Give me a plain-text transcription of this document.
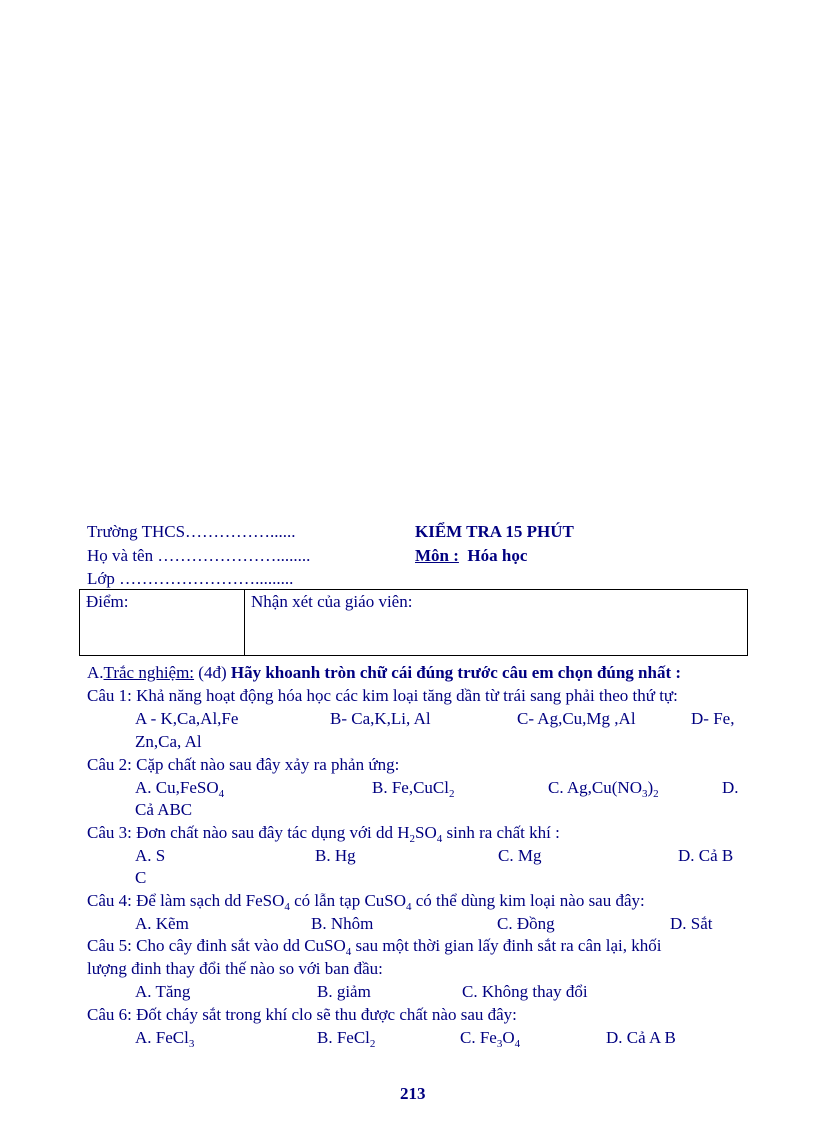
Trường THCS……………......
Họ và tên …………………........
Lớp …………………….........
KIỂM TRA 15 PHÚT
Môn : Hóa học
Điểm:	Nhận xét của giáo viên:
A.Trắc nghiệm: (4đ) Hãy khoanh tròn chữ cái đúng trước câu em chọn đúng nhất :
Câu 1: Khả năng hoạt động hóa học các kim loại tăng dần từ trái sang phải theo thứ tự:
A - K,Ca,Al,Fe	B- Ca,K,Li, Al	C- Ag,Cu,Mg ,Al	D- Fe,
Zn,Ca, Al
Câu 2: Cặp chất nào sau đây xảy ra phản ứng:
A. Cu,FeSO$_4$	B. Fe,CuCl$_2$	C. $Ag,Cu(NO_3)_2$	D.
Cả ABC
Câu 3: Đơn chất nào sau đây tác dụng với dd $H_2SO_4$ sinh ra chất khí :
A. S	B. Hg	C. Mg	D. Cả B
C
Câu 4: Để làm sạch dd FeSO$_4$ có lẫn tạp CuSO$_4$ có thể dùng kim loại nào sau đây:
A. Kẽm	B. Nhôm	C. Đồng	D. Sắt
Câu 5: Cho cây đinh sắt vào dd CuSO$_4$ sau một thời gian lấy đinh sắt ra cân lại, khối
lượng đinh thay đổi thế nào so với ban đầu:
A. Tăng	B. giảm	C. Không thay đổi
Câu 6: Đốt cháy sắt trong khí clo sẽ thu được chất nào sau đây:
A. FeCl$_3$	B. FeCl$_2$	C. $Fe_3O_4$	D. Cả A B
213
